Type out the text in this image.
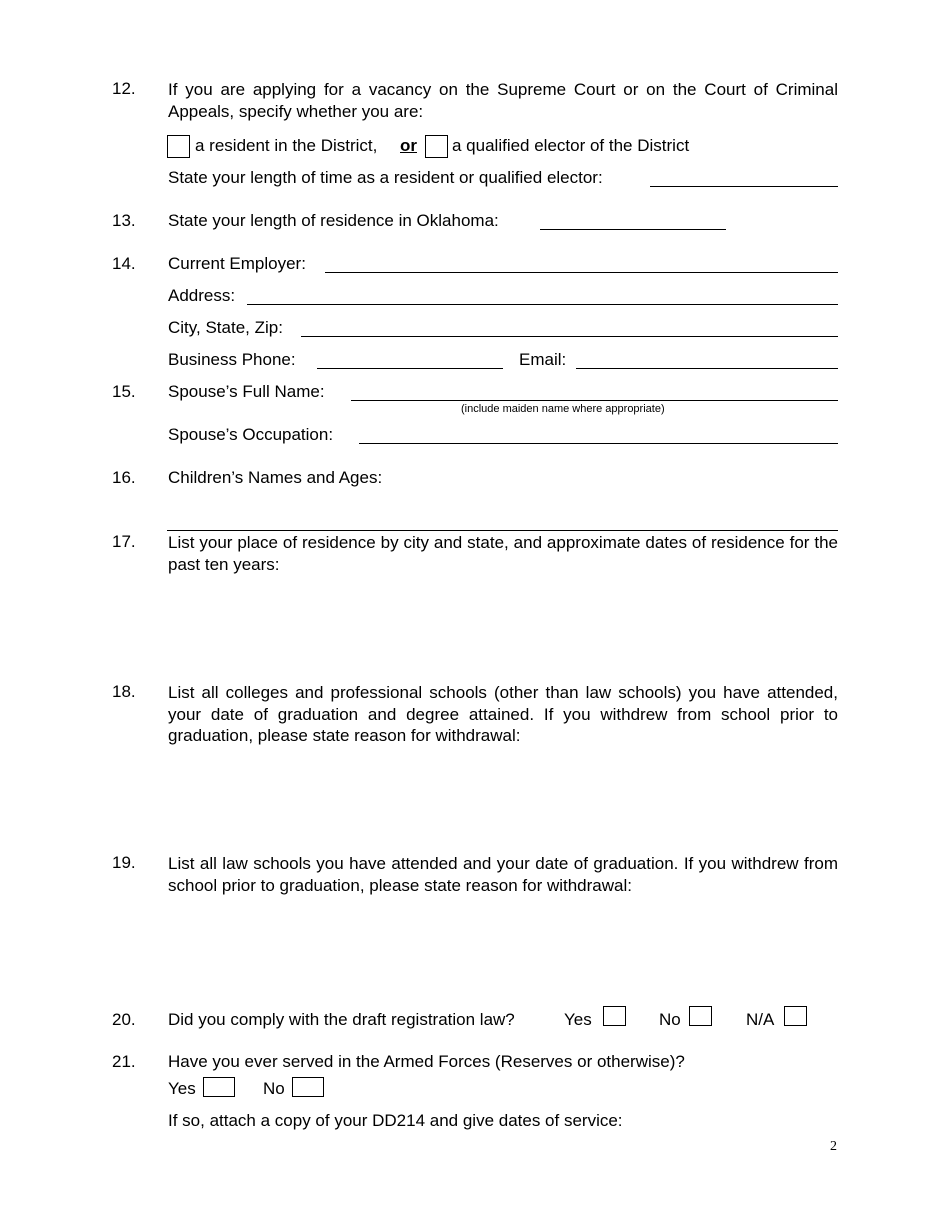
12. If you are applying for a vacancy on the Supreme Court or on the Court of Criminal Appeals, specify whether you are:
a resident in the District, or a qualified elector of the District
State your length of time as a resident or qualified elector:
13. State your length of residence in Oklahoma:
14. Current Employer:
Address:
City, State, Zip:
Business Phone:	Email:
15. Spouse’s Full Name:
(include maiden name where appropriate)
Spouse’s Occupation:
16. Children’s Names and Ages:
17. List your place of residence by city and state, and approximate dates of residence for the past ten years:
18. List all colleges and professional schools (other than law schools) you have attended, your date of graduation and degree attained. If you withdrew from school prior to graduation, please state reason for withdrawal:
19. List all law schools you have attended and your date of graduation. If you withdrew from school prior to graduation, please state reason for withdrawal:
20. Did you comply with the draft registration law?	Yes	No	N/A
21. Have you ever served in the Armed Forces (Reserves or otherwise)?
Yes	No
If so, attach a copy of your DD214 and give dates of service:
2
